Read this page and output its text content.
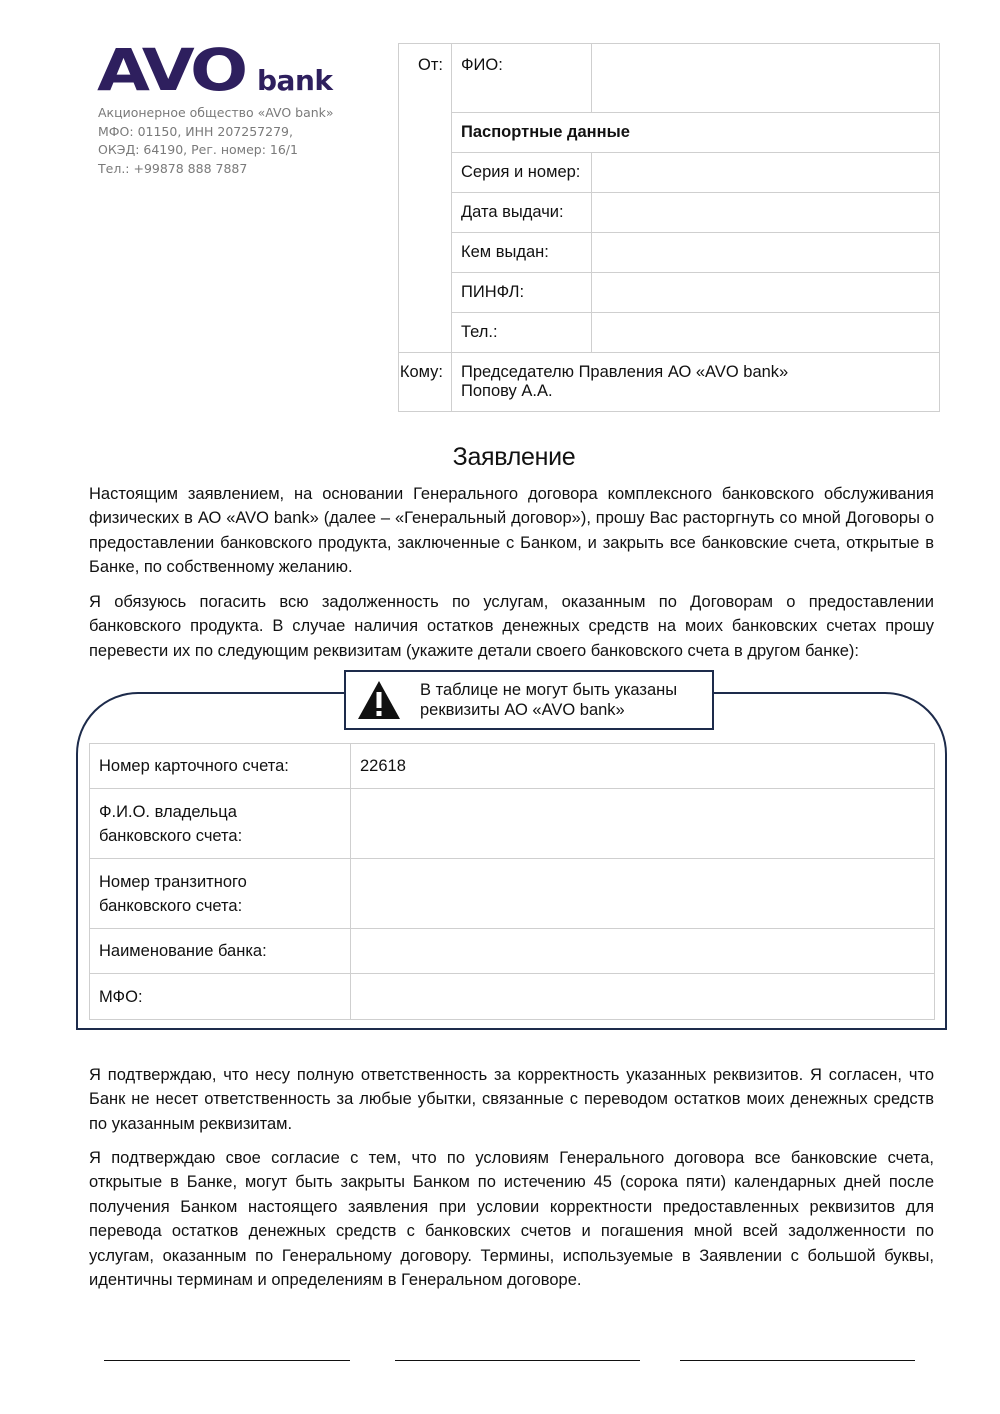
AVO bank
Акционерное общество «AVO bank»
МФО: 01150, ИНН 207257279,
ОКЭД: 64190, Рег. номер: 16/1
Тел.: +99878 888 7887
От:	ФИО:	
	Паспортные данные	
	Серия и номер:	
	Дата выдачи:	
	Кем выдан:	
	ПИНФЛ:	
	Тел.:	
Кому:	Председателю Правления АО «AVO bank»
Попову А.А.	
Заявление

Настоящим заявлением, на основании Генерального договора комплексного банковского обслуживания физических в АО «AVO bank» (далее – «Генеральный договор»), прошу Вас расторгнуть со мной Договоры о предоставлении банковского продукта, заключенные с Банком, и закрыть все банковские счета, открытые в Банке, по собственному желанию.

Я обязуюсь погасить всю задолженность по услугам, оказанным по Договорам о предоставлении банковского продукта. В случае наличия остатков денежных средств на моих банковских счетах прошу перевести их по следующим реквизитам (укажите детали своего банковского счета в другом банке):

В таблице не могут быть указаны
реквизиты АО «AVO bank»
Номер карточного счета:	22618

Ф.И.О. владельца
банковского счета:	

Номер транзитного
банковского счета:	

Наименование банка:	
МФО:	

Я подтверждаю, что несу полную ответственность за корректность указанных реквизитов. Я согласен, что Банк не несет ответственность за любые убытки, связанные с переводом остатков моих денежных средств по указанным реквизитам.

Я подтверждаю свое согласие с тем, что по условиям Генерального договора все банковские счета, открытые в Банке, могут быть закрыты Банком по истечению 45 (сорока пяти) календарных дней после получения Банком настоящего заявления при условии корректности предоставленных реквизитов для перевода остатков денежных средств с банковских счетов и погашения мной всей задолженности по услугам, оказанным по Генеральному договору. Термины, используемые в Заявлении с большой буквы, идентичны терминам и определениям в Генеральном договоре.
